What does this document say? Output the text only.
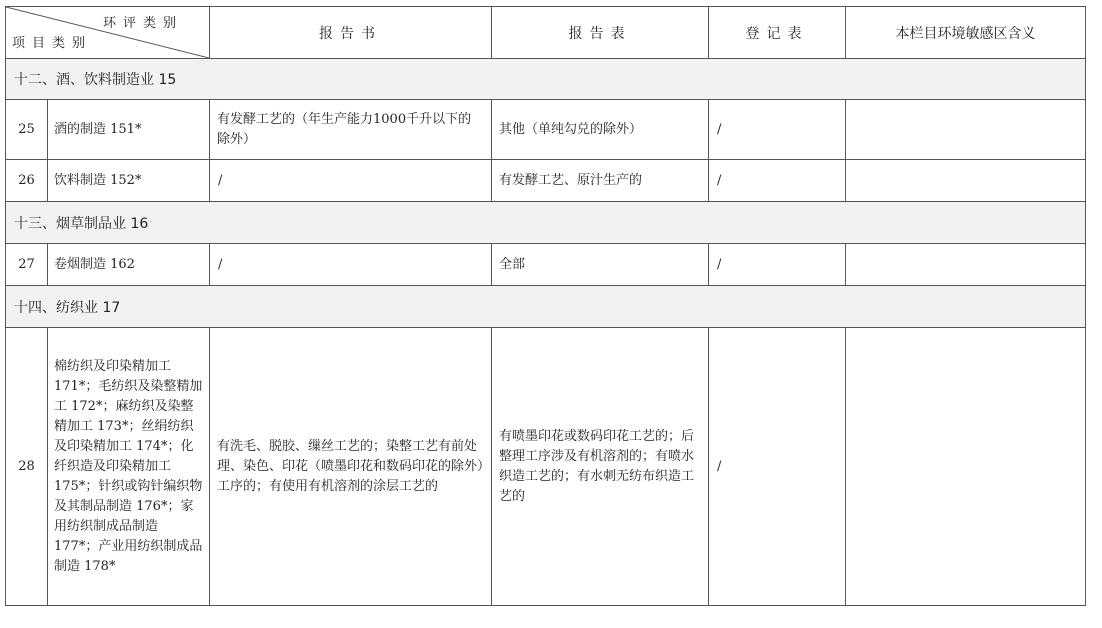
环评类别
项目类别		报告书	报告表	登记表	本栏目环境敏感区含义
十二、酒、饮料制造业 15					
25	酒的制造 151*	有发酵工艺的（年生产能力1000千升以下的除外）	其他（单纯勾兑的除外）	/	
26	饮料制造 152*	/	有发酵工艺、原汁生产的	/	
十三、烟草制品业 16					
27	卷烟制造 162	/	全部	/	
十四、纺织业 17					
28	棉纺织及印染精加工 171*；毛纺织及染整精加工 172*；麻纺织及染整精加工 173*；丝绢纺织及印染精加工 174*；化纤织造及印染精加工 175*；针织或钩针编织物及其制品制造 176*；家用纺织制成品制造 177*；产业用纺织制成品制造 178*	有洗毛、脱胶、缫丝工艺的；染整工艺有前处理、染色、印花（喷墨印花和数码印花的除外）工序的；有使用有机溶剂的涂层工艺的	有喷墨印花或数码印花工艺的；后整理工序涉及有机溶剂的；有喷水织造工艺的；有水刺无纺布织造工艺的	/	
